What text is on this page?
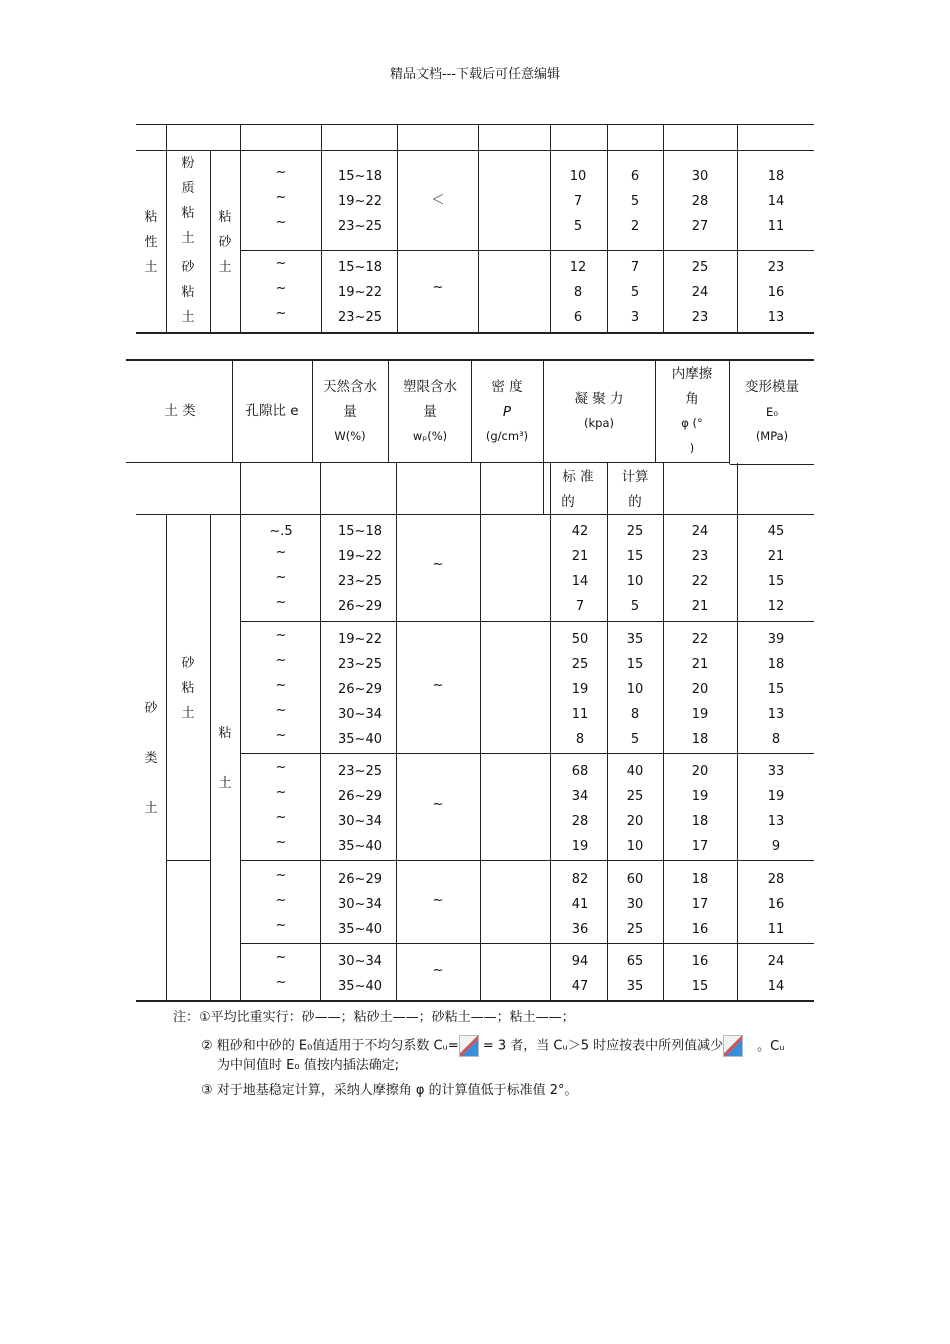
精品文档---下载后可任意编辑
粘
性
土
粉
质
粘
土
砂
粘
土
粘
砂
土
~
~
~
15~18
19~22
23~25
＜
10
7
5
6
5
2
30
28
27
18
14
11
~
~
~
15~18
19~22
23~25
~
12
8
6
7
5
3
25
24
23
23
16
13
土 类	孔隙比 e
天然含水
量
W(%)
塑限含水
量
wₚ(%)
密 度
P
(g/cm³)
凝 聚 力
(kpa)
内摩擦
角
φ (°
)
变形模量
E₀
(MPa)
标 准
的
计算
的
砂
类
土
砂
粘
土
粘
土
~.5
~
~
~
15~18
19~22
23~25
26~29
~
42
21
14
7
25
15
10
5
24
23
22
21
45
21
15
12
~
~
~
~
~
19~22
23~25
26~29
30~34
35~40
~
50
25
19
11
8
35
15
10
8
5
22
21
20
19
18
39
18
15
13
8
~
~
~
~
23~25
26~29
30~34
35~40
~
68
34
28
19
40
25
20
10
20
19
18
17
33
19
13
9
~
~
~
26~29
30~34
35~40
~
82
41
36
60
30
25
18
17
16
28
16
11
~
~
30~34
35~40
~
94
47
65
35
16
15
24
14
注：①平均比重实行：砂——；粘砂土——；砂粘土——；粘土——；
② 粗砂和中砂的 E₀值适用于不均匀系数 Cᵤ= = 3 者，当 Cᵤ＞5 时应按表中所列值减少	。Cᵤ
为中间值时 E₀ 值按内插法确定;
③ 对于地基稳定计算，采纳人摩擦角 φ 的计算值低于标准值 2°。
